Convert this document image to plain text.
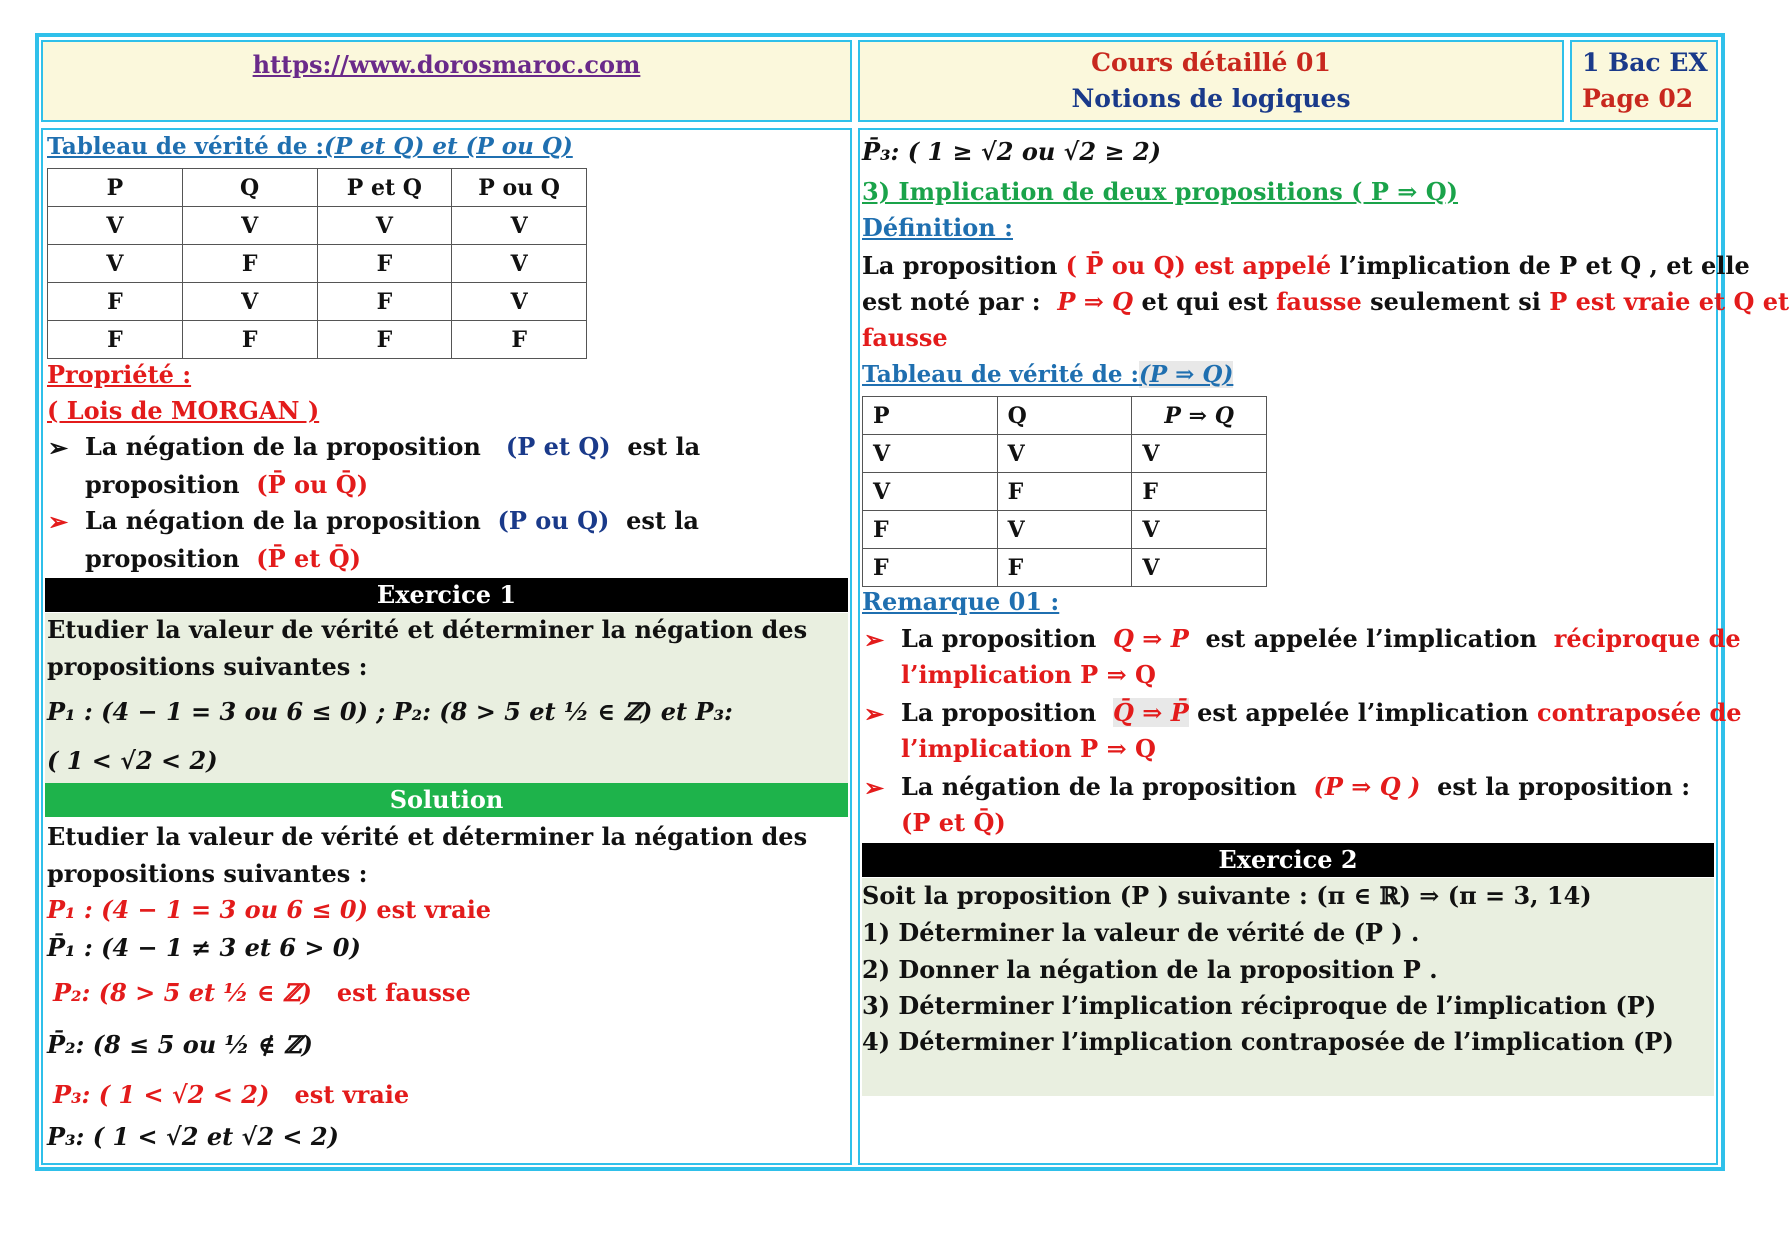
https://www.dorosmaroc.com	Cours détaillé 01
Notions de logiques
1 Bac EX
Page 02
Tableau de vérité de :(P et Q) et (P ou Q)
P	Q	P et Q	P ou Q
V	V	V	V
V	F	F	V
F	V	F	V
F	F	F	F
Propriété :
( Lois de MORGAN )
➢ La négation de la proposition (P et Q) est la
proposition (P̄ ou Q̄)
➢ La négation de la proposition (P ou Q) est la
proposition (P̄ et Q̄)
Exercice 1
Etudier la valeur de vérité et déterminer la négation des
propositions suivantes :
P₁ : (4 − 1 = 3 ou 6 ≤ 0) ; P₂: (8 > 5 et ½ ∈ ℤ) et P₃:
( 1 < √2 < 2)
Solution
Etudier la valeur de vérité et déterminer la négation des
propositions suivantes :
P₁ : (4 − 1 = 3 ou 6 ≤ 0) est vraie
P̄₁ : (4 − 1 ≠ 3 et 6 > 0)
P₂: (8 > 5 et ½ ∈ ℤ) est fausse
P̄₂: (8 ≤ 5 ou ½ ∉ ℤ)
P₃: ( 1 < √2 < 2) est vraie
P₃: ( 1 < √2 et √2 < 2)
P̄₃: ( 1 ≥ √2 ou √2 ≥ 2)
3) Implication de deux propositions ( P ⇒ Q)
Définition :
La proposition ( P̄ ou Q) est appelé l’implication de P et Q , et elle
est noté par : P ⇒ Q et qui est fausse seulement si P est vraie et Q et
fausse
Tableau de vérité de :(P ⇒ Q)
P	Q	P ⇒ Q
V	V	V
V	F	F
F	V	V
F	F	V
Remarque 01 :
➢ La proposition Q ⇒ P est appelée l’implication réciproque de
l’implication P ⇒ Q
➢ La proposition Q̄ ⇒ P̄ est appelée l’implication contraposée de
l’implication P ⇒ Q
➢ La négation de la proposition (P ⇒ Q ) est la proposition :
(P et Q̄)
Exercice 2
Soit la proposition (P ) suivante : (π ∈ ℝ) ⇒ (π = 3, 14)
1) Déterminer la valeur de vérité de (P ) .
2) Donner la négation de la proposition P .
3) Déterminer l’implication réciproque de l’implication (P)
4) Déterminer l’implication contraposée de l’implication (P)
